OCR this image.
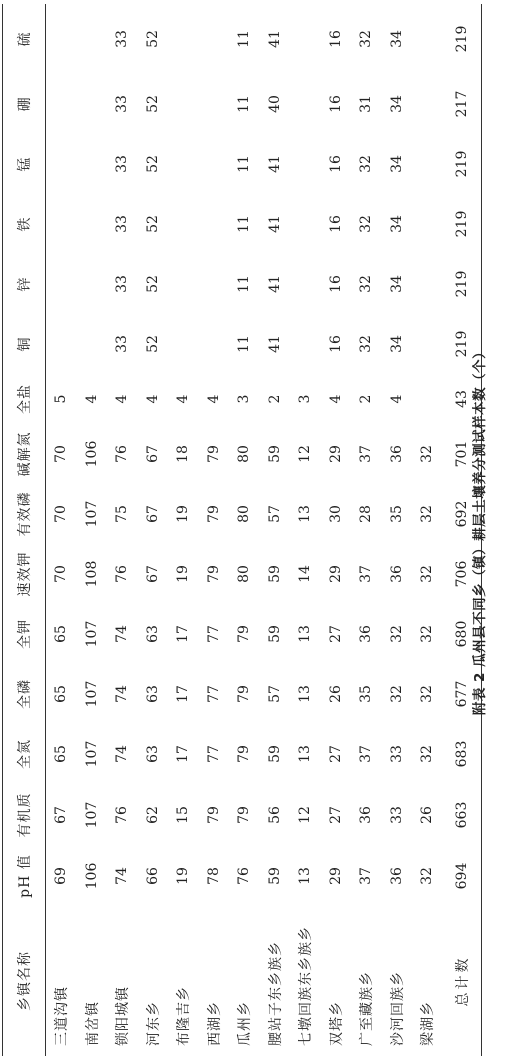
乡镇名称	pH 值	有机质	全氮	全磷	全钾	速效钾	有效磷	碱解氮	全盐	铜	锌	铁	锰	硼	硫
三道沟镇	69	67	65	65	65	70	70	70	5						
南岔镇	106	107	107	107	107	108	107	106	4						
锁阳城镇	74	76	74	74	74	76	75	76	4	33	33	33	33	33	33
河东乡	66	62	63	63	63	67	67	67	4	52	52	52	52	52	52
布隆吉乡	19	15	17	17	17	19	19	18	4						
西湖乡	78	79	77	77	77	79	79	79	4						
瓜州乡	76	79	79	79	79	80	80	80	3	11	11	11	11	11	11
腰站子东乡族乡	59	56	59	57	59	59	57	59	2	41	41	41	41	40	41
七墩回族东乡族乡	13	12	13	13	13	14	13	12	3						
双塔乡	29	27	27	26	27	29	30	29	4	16	16	16	16	16	16
广至藏族乡	37	36	37	35	36	37	28	37	2	32	32	32	32	31	32
沙河回族乡	36	33	33	32	32	36	35	36	4	34	34	34	34	34	34
梁湖乡	32	26	32	32	32	32	32	32							
总计数	694	663	683	677	680	706	692	701	43	219	219	219	219	217	219
附表 2 瓜州县不同乡（镇）耕层土壤养分测试样本数（个）
